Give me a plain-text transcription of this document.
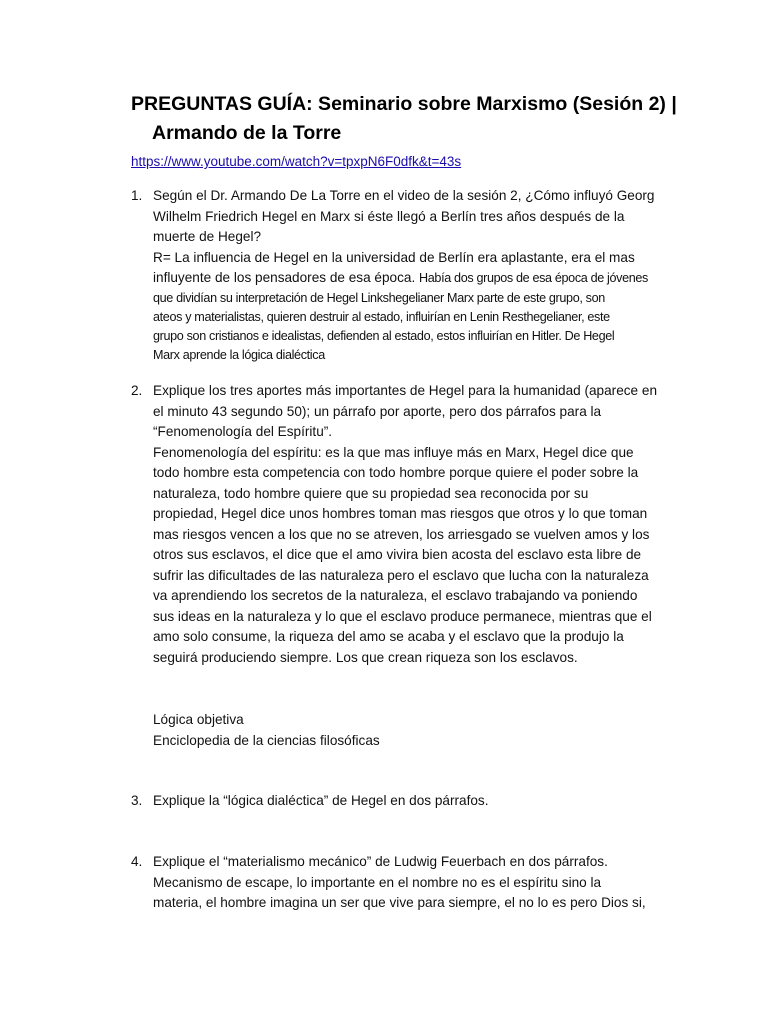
PREGUNTAS GUÍA: Seminario sobre Marxismo (Sesión 2) |
Armando de la Torre
https://www.youtube.com/watch?v=tpxpN6F0dfk&t=43s
1. Según el Dr. Armando De La Torre en el video de la sesión 2, ¿Cómo influyó Georg
Wilhelm Friedrich Hegel en Marx si éste llegó a Berlín tres años después de la
muerte de Hegel?
R= La influencia de Hegel en la universidad de Berlín era aplastante, era el mas
influyente de los pensadores de esa época. Había dos grupos de esa época de jóvenes
que dividían su interpretación de Hegel Linkshegelianer Marx parte de este grupo, son
ateos y materialistas, quieren destruir al estado, influirían en Lenin Resthegelianer, este
grupo son cristianos e idealistas, defienden al estado, estos influirían en Hitler. De Hegel
Marx aprende la lógica dialéctica
2. Explique los tres aportes más importantes de Hegel para la humanidad (aparece en
el minuto 43 segundo 50); un párrafo por aporte, pero dos párrafos para la
“Fenomenología del Espíritu”.
Fenomenología del espíritu: es la que mas influye más en Marx, Hegel dice que
todo hombre esta competencia con todo hombre porque quiere el poder sobre la
naturaleza, todo hombre quiere que su propiedad sea reconocida por su
propiedad, Hegel dice unos hombres toman mas riesgos que otros y lo que toman
mas riesgos vencen a los que no se atreven, los arriesgado se vuelven amos y los
otros sus esclavos, el dice que el amo vivira bien acosta del esclavo esta libre de
sufrir las dificultades de las naturaleza pero el esclavo que lucha con la naturaleza
va aprendiendo los secretos de la naturaleza, el esclavo trabajando va poniendo
sus ideas en la naturaleza y lo que el esclavo produce permanece, mientras que el
amo solo consume, la riqueza del amo se acaba y el esclavo que la produjo la
seguirá produciendo siempre. Los que crean riqueza son los esclavos.
Lógica objetiva
Enciclopedia de la ciencias filosóficas
3. Explique la “lógica dialéctica” de Hegel en dos párrafos.
4. Explique el “materialismo mecánico” de Ludwig Feuerbach en dos párrafos.
Mecanismo de escape, lo importante en el nombre no es el espíritu sino la
materia, el hombre imagina un ser que vive para siempre, el no lo es pero Dios si,
